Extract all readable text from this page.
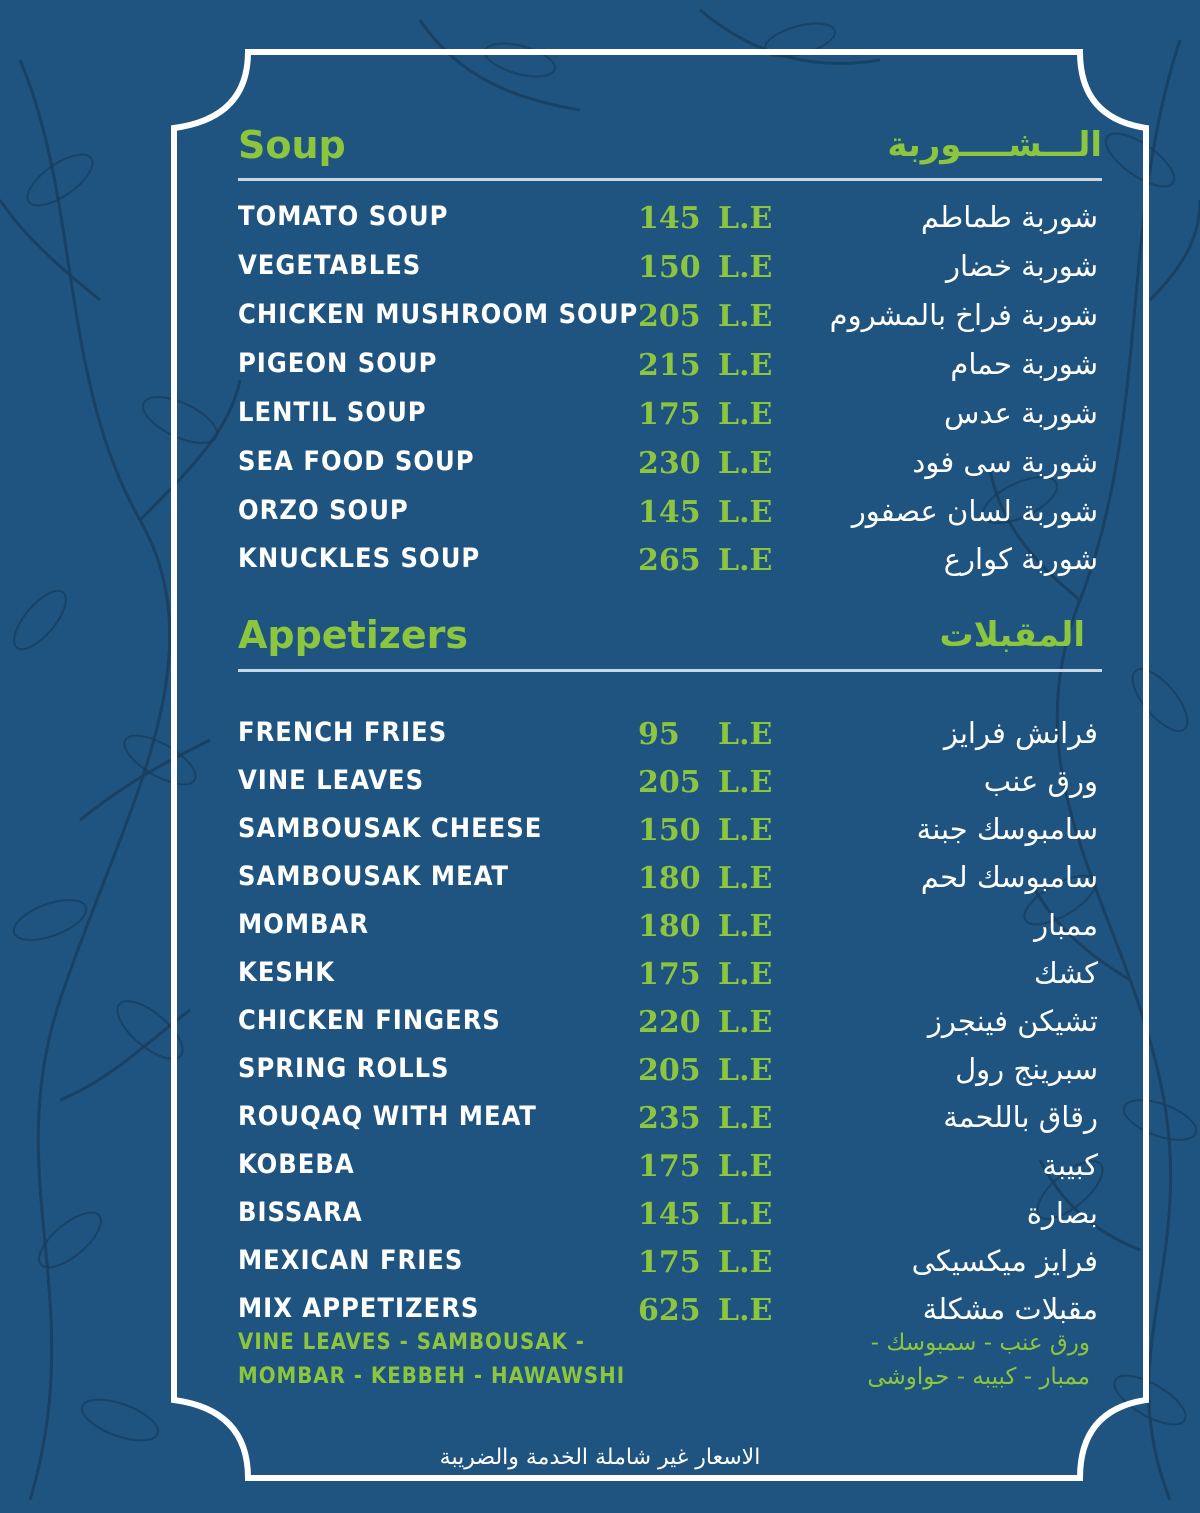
Soup	الـــشــــوربة
TOMATO SOUP	145 L.E	شوربة طماطم
VEGETABLES	150 L.E	شوربة خضار
CHICKEN MUSHROOM SOUP 205 L.E شوربة فراخ بالمشروم
PIGEON SOUP	215 L.E	شوربة حمام
LENTIL SOUP	175 L.E	شوربة عدس
SEA FOOD SOUP	230 L.E	شوربة سى فود
ORZO SOUP	145 L.E	شوربة لسان عصفور
KNUCKLES SOUP	265 L.E	شوربة كوارع
Appetizers	المقبلات
FRENCH FRIES	95	L.E	فرانش فرايز
VINE LEAVES	205 L.E	ورق عنب
SAMBOUSAK CHEESE	150 L.E	سامبوسك جبنة
SAMBOUSAK MEAT	180 L.E	سامبوسك لحم
MOMBAR	180 L.E	ممبار
KESHK	175 L.E	كشك
CHICKEN FINGERS	220 L.E	تشيكن فينجرز
SPRING ROLLS	205 L.E	سبرينج رول
ROUQAQ WITH MEAT	235 L.E	رقاق باللحمة
KOBEBA	175 L.E	كبيبة
BISSARA	145 L.E	بصارة
MEXICAN FRIES	175 L.E	فرايز ميكسيكى
MIX APPETIZERS	625 L.E	مقبلات مشكلة
VINE LEAVES - SAMBOUSAK -
MOMBAR - KEBBEH - HAWAWSHI
ورق عنب - سمبوسك -
ممبار - كبيبه - حواوشى
الاسعار غير شاملة الخدمة والضريبة
